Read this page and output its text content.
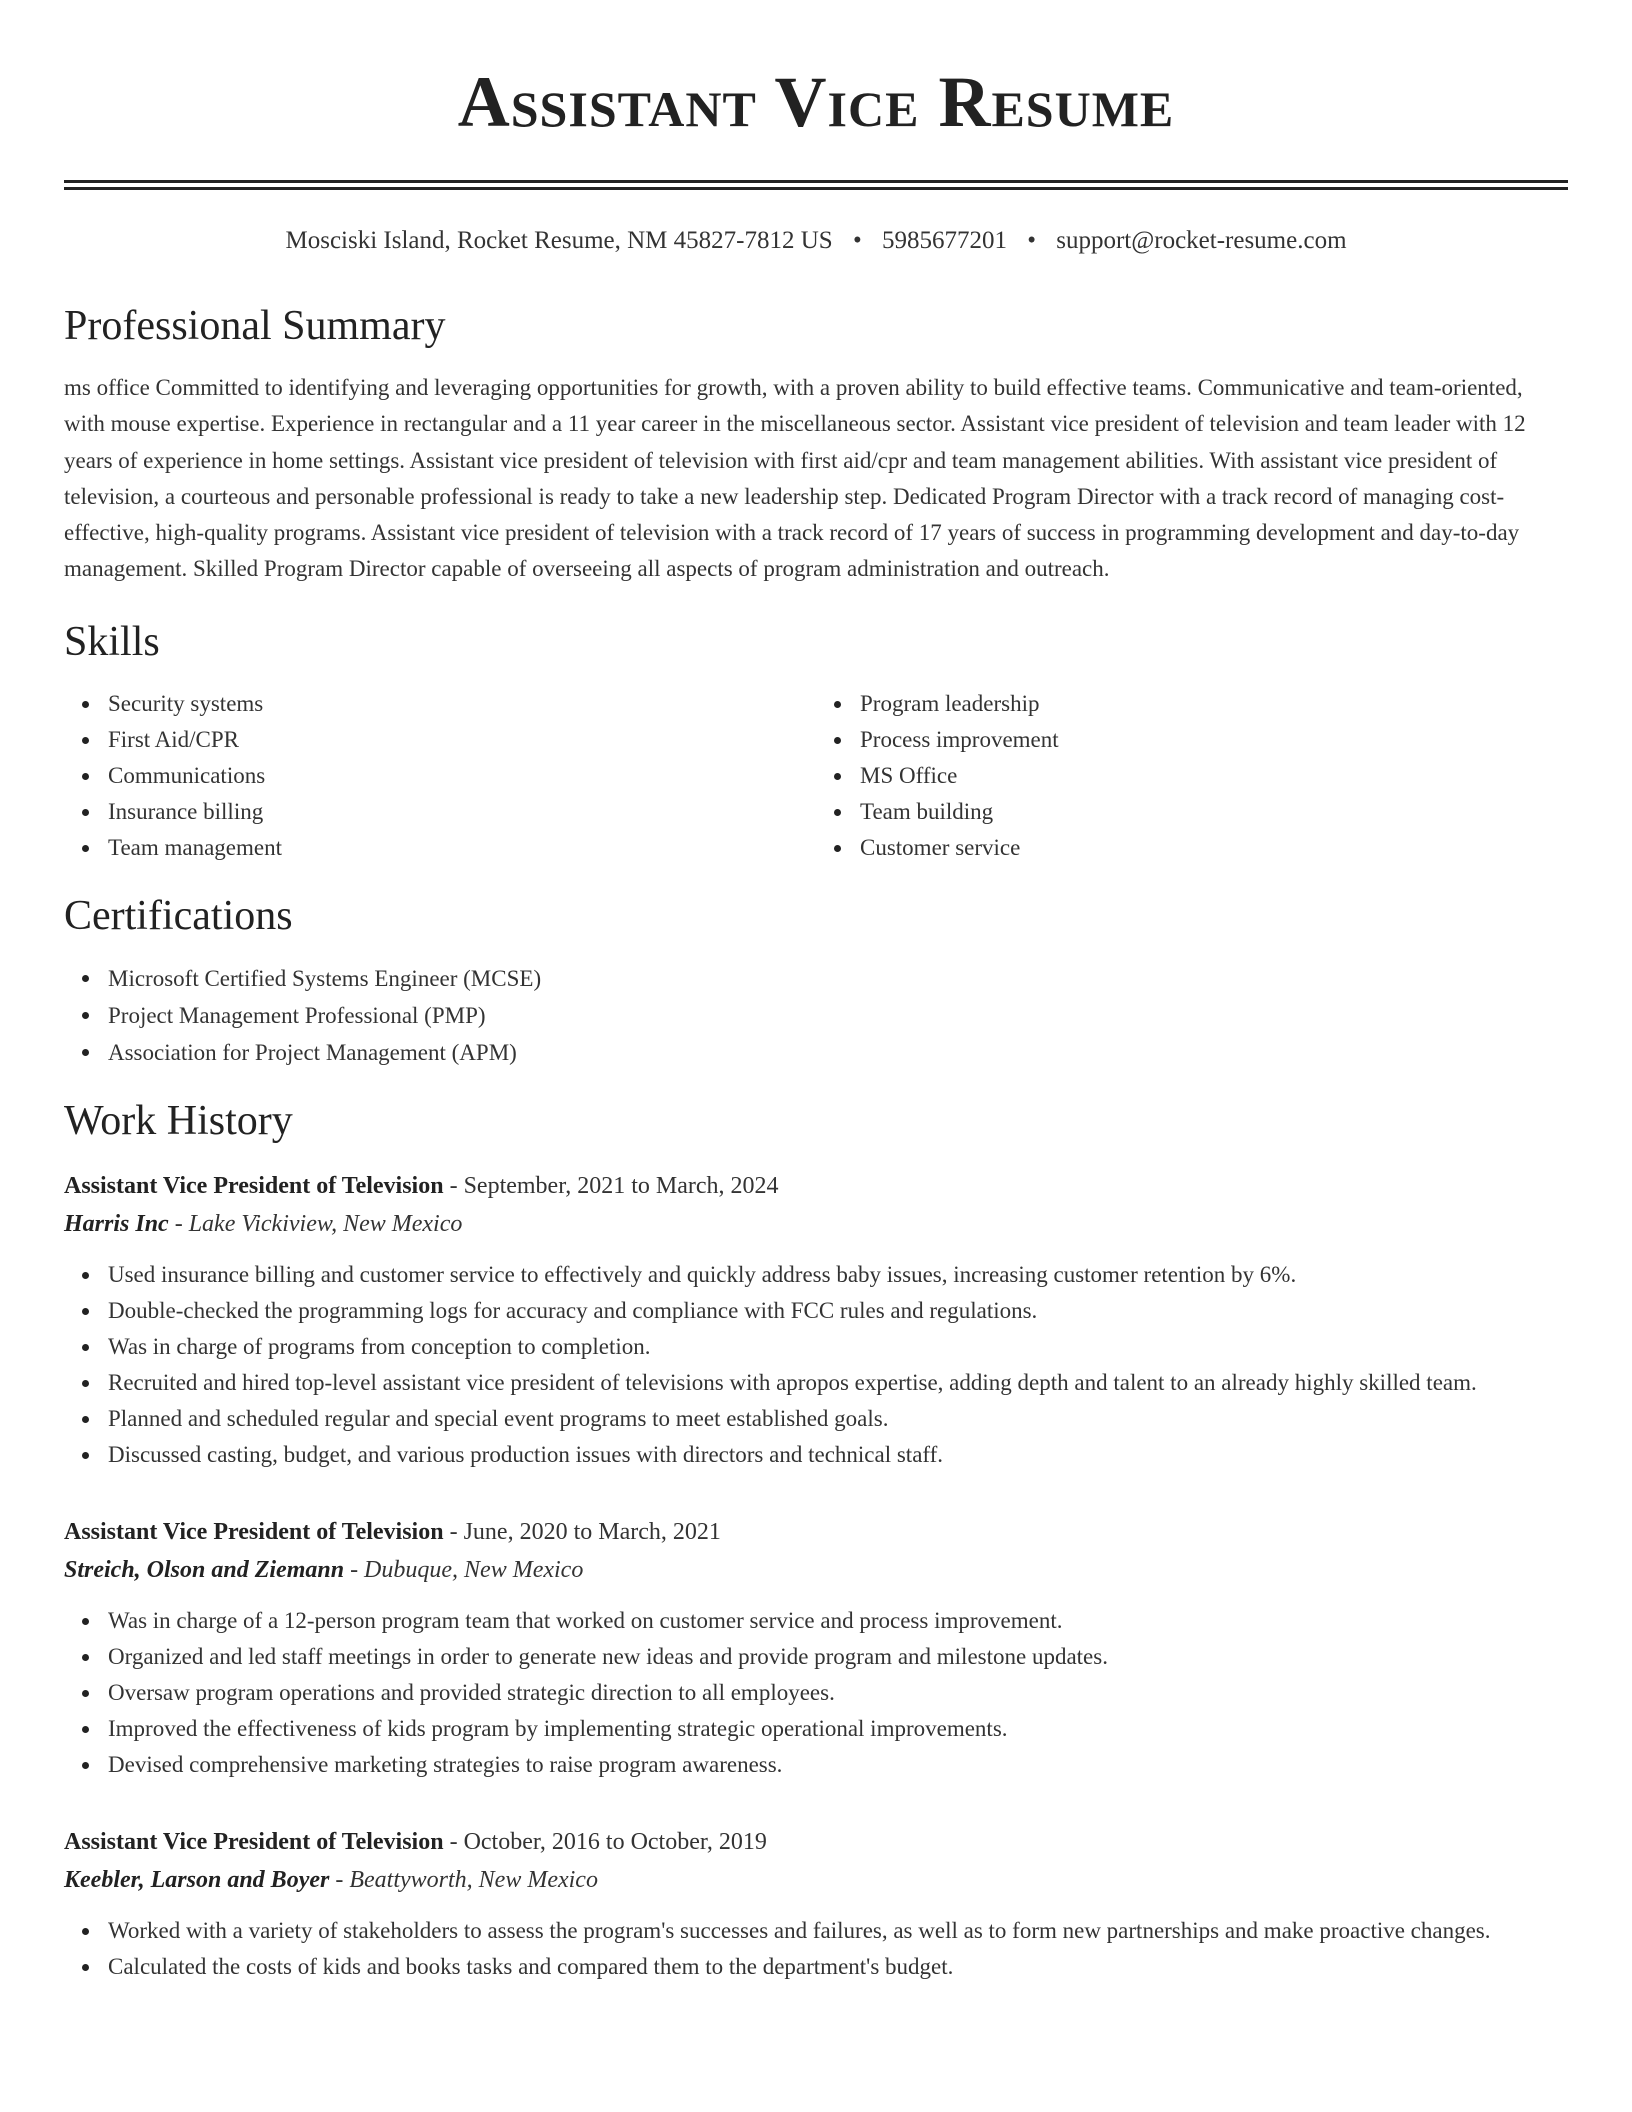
Assistant Vice Resume
Mosciski Island, Rocket Resume, NM 45827-7812 US • 5985677201 • support@rocket-resume.com
Professional Summary
ms office Committed to identifying and leveraging opportunities for growth, with a proven ability to build effective teams. Communicative and team-oriented, with mouse expertise. Experience in rectangular and a 11 year career in the miscellaneous sector. Assistant vice president of television and team leader with 12 years of experience in home settings. Assistant vice president of television with first aid/cpr and team management abilities. With assistant vice president of television, a courteous and personable professional is ready to take a new leadership step. Dedicated Program Director with a track record of managing cost-effective, high-quality programs. Assistant vice president of television with a track record of 17 years of success in programming development and day-to-day management. Skilled Program Director capable of overseeing all aspects of program administration and outreach.
Skills
Security systems
First Aid/CPR
Communications
Insurance billing
Team management
Program leadership
Process improvement
MS Office
Team building
Customer service
Certifications
Microsoft Certified Systems Engineer (MCSE)
Project Management Professional (PMP)
Association for Project Management (APM)
Work History
Assistant Vice President of Television - September, 2021 to March, 2024
Harris Inc - Lake Vickiview, New Mexico
Used insurance billing and customer service to effectively and quickly address baby issues, increasing customer retention by 6%.
Double-checked the programming logs for accuracy and compliance with FCC rules and regulations.
Was in charge of programs from conception to completion.
Recruited and hired top-level assistant vice president of televisions with apropos expertise, adding depth and talent to an already highly skilled team.
Planned and scheduled regular and special event programs to meet established goals.
Discussed casting, budget, and various production issues with directors and technical staff.
Assistant Vice President of Television - June, 2020 to March, 2021
Streich, Olson and Ziemann - Dubuque, New Mexico
Was in charge of a 12-person program team that worked on customer service and process improvement.
Organized and led staff meetings in order to generate new ideas and provide program and milestone updates.
Oversaw program operations and provided strategic direction to all employees.
Improved the effectiveness of kids program by implementing strategic operational improvements.
Devised comprehensive marketing strategies to raise program awareness.
Assistant Vice President of Television - October, 2016 to October, 2019
Keebler, Larson and Boyer - Beattyworth, New Mexico
Worked with a variety of stakeholders to assess the program's successes and failures, as well as to form new partnerships and make proactive changes.
Calculated the costs of kids and books tasks and compared them to the department's budget.
